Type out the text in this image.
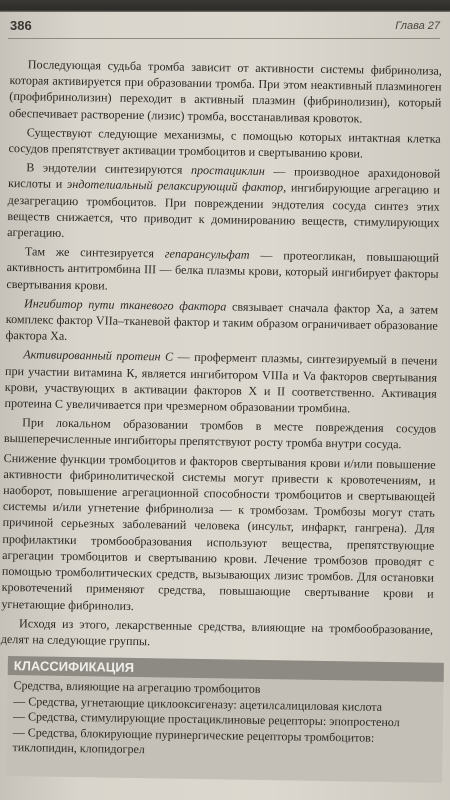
386	Глава 27

Последующая судьба тромба зависит от активности системы фибринолиза, которая активируется при образовании тромба. При этом неактивный плазминоген (профибринолизин) переходит в активный плазмин (фибринолизин), который обеспечивает растворение (лизис) тромба, восстанавливая кровоток.

Существуют следующие механизмы, с помощью которых интактная клетка сосудов препятствует активации тромбоцитов и свертыванию крови.

В эндотелии синтезируются простациклин — производное арахидоновой кислоты и эндотелиальный релаксирующий фактор, ингибирующие агрегацию и дезагрегацию тромбоцитов. При повреждении эндотелия сосуда синтез этих веществ снижается, что приводит к доминированию веществ, стимулирующих агрегацию.

Там же синтезируется гепарансульфат — протеогликан, повышающий активность антитромбина III — белка плазмы крови, который ингибирует факторы свертывания крови.

Ингибитор пути тканевого фактора связывает сначала фактор Ха, а затем комплекс фактор VIIa–тканевой фактор и таким образом ограничивает образование фактора Ха.

Активированный протеин С — профермент плазмы, синтезируемый в печени при участии витамина К, является ингибитором VIIIa и Va факторов свертывания крови, участвующих в активации факторов Х и II соответственно. Активация протеина С увеличивается при чрезмерном образовании тромбина.

При локальном образовании тромбов в месте повреждения сосудов вышеперечисленные ингибиторы препятствуют росту тромба внутри сосуда.

Снижение функции тромбоцитов и факторов свертывания крови и/или повышение активности фибринолитической системы могут привести к кровотечениям, и наоборот, повышение агрегационной способности тромбоцитов и свертывающей системы и/или угнетение фибринолиза — к тромбозам. Тромбозы могут стать причиной серьезных заболеваний человека (инсульт, инфаркт, гангрена). Для профилактики тромбообразования используют вещества, препятствующие агрегации тромбоцитов и свертыванию крови. Лечение тромбозов проводят с помощью тромболитических средств, вызывающих лизис тромбов. Для остановки кровотечений применяют средства, повышающие свертывание крови и угнетающие фибринолиз.

Исходя из этого, лекарственные средства, влияющие на тромбообразование, делят на следующие группы.

КЛАССИФИКАЦИЯ
Средства, влияющие на агрегацию тромбоцитов
— Средства, угнетающие циклооксигеназу: ацетилсалициловая кислота
— Средства, стимулирующие простациклиновые рецепторы: эпопростенол
— Средства, блокирующие пуринергические рецепторы тромбоцитов: тиклопидин, клопидогрел
